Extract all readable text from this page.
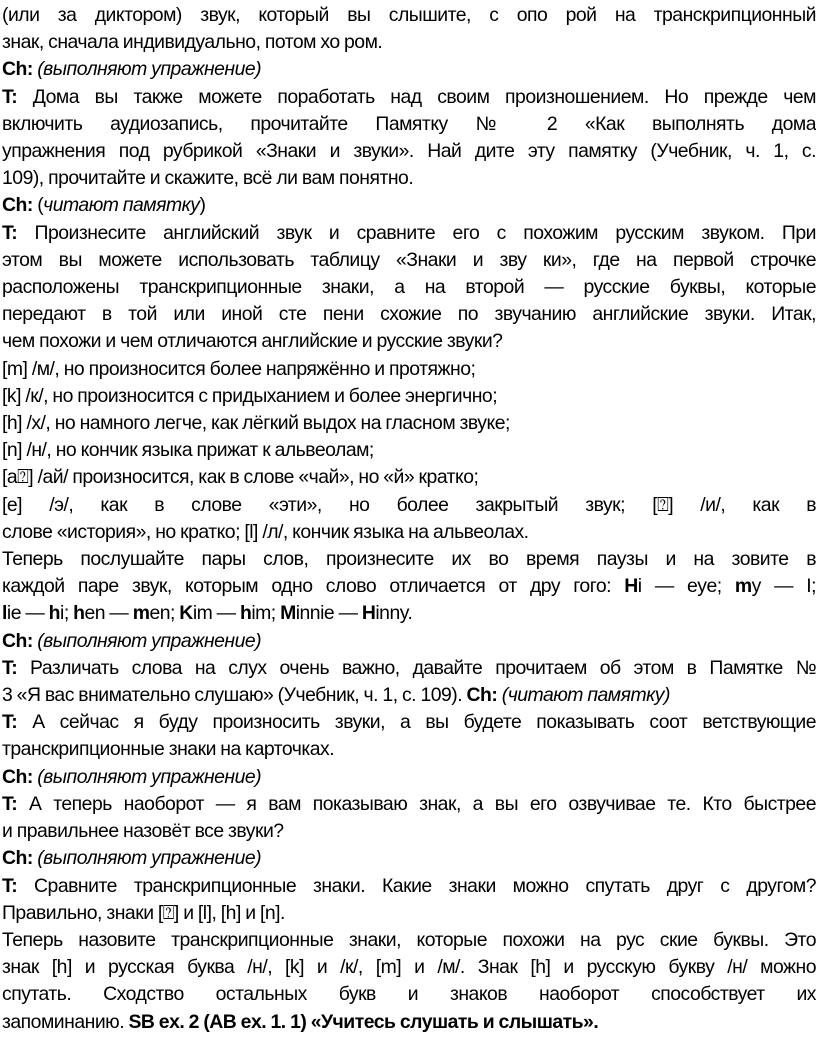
(или за диктором) звук, который вы слышите, с опо рой на транскрипционный
знак, сначала индивидуально, потом хо ром.
Ch: (выполняют упражнение)
T: Дома вы также можете поработать над своим произношением. Но прежде чем
включить аудиозапись, прочитайте Памятку № 2 «Как выполнять дома
упражнения под рубрикой «Знаки и звуки». Най дите эту памятку (Учебник, ч. 1, с.
109), прочитайте и скажите, всё ли вам понятно.
Ch: (читают памятку)
T: Произнесите английский звук и сравните его с похожим русским звуком. При
этом вы можете использовать таблицу «Знаки и зву ки», где на первой строчке
расположены транскрипционные знаки, а на второй — русские буквы, которые
передают в той или иной сте пени схожие по звучанию английские звуки. Итак,
чем похожи и чем отличаются английские и русские звуки?
[m] /м/, но произносится более напряжённо и протяжно;
[k] /к/, но произносится с придыханием и более энергично;
[h] /х/, но намного легче, как лёгкий выдох на гласном звуке;
[n] /н/, но кончик языка прижат к альвеолам;
[a⍰] /ай/ произносится, как в слове «чай», но «й» кратко;
[e] /э/, как в слове «эти», но более закрытый звук; [⍰] /и/, как в
слове «история», но кратко; [l] /л/, кончик языка на альвеолах.
Теперь послушайте пары слов, произнесите их во время паузы и на зовите в
каждой паре звук, которым одно слово отличается от дру гого: Hi — eye; my — I;
lie — hi; hen — men; Kim — him; Minnie — Hinny.
Ch: (выполняют упражнение)
T: Различать слова на слух очень важно, давайте прочитаем об этом в Памятке №
3 «Я вас внимательно слушаю» (Учебник, ч. 1, с. 109). Ch: (читают памятку)
T: А сейчас я буду произносить звуки, а вы будете показывать соот ветствующие
транскрипционные знаки на карточках.
Ch: (выполняют упражнение)
T: А теперь наоборот — я вам показываю знак, а вы его озвучивае те. Кто быстрее
и правильнее назовёт все звуки?
Ch: (выполняют упражнение)
T: Сравните транскрипционные знаки. Какие знаки можно спутать друг с другом?
Правильно, знаки [⍰] и [l], [h] и [n].
Теперь назовите транскрипционные знаки, которые похожи на рус ские буквы. Это
знак [h] и русская буква /н/, [k] и /к/, [m] и /м/. Знак [h] и русскую букву /н/ можно
спутать. Сходство остальных букв и знаков наоборот способствует их
запоминанию. SB ex. 2 (AB ex. 1. 1) «Учитесь слушать и слышать».
